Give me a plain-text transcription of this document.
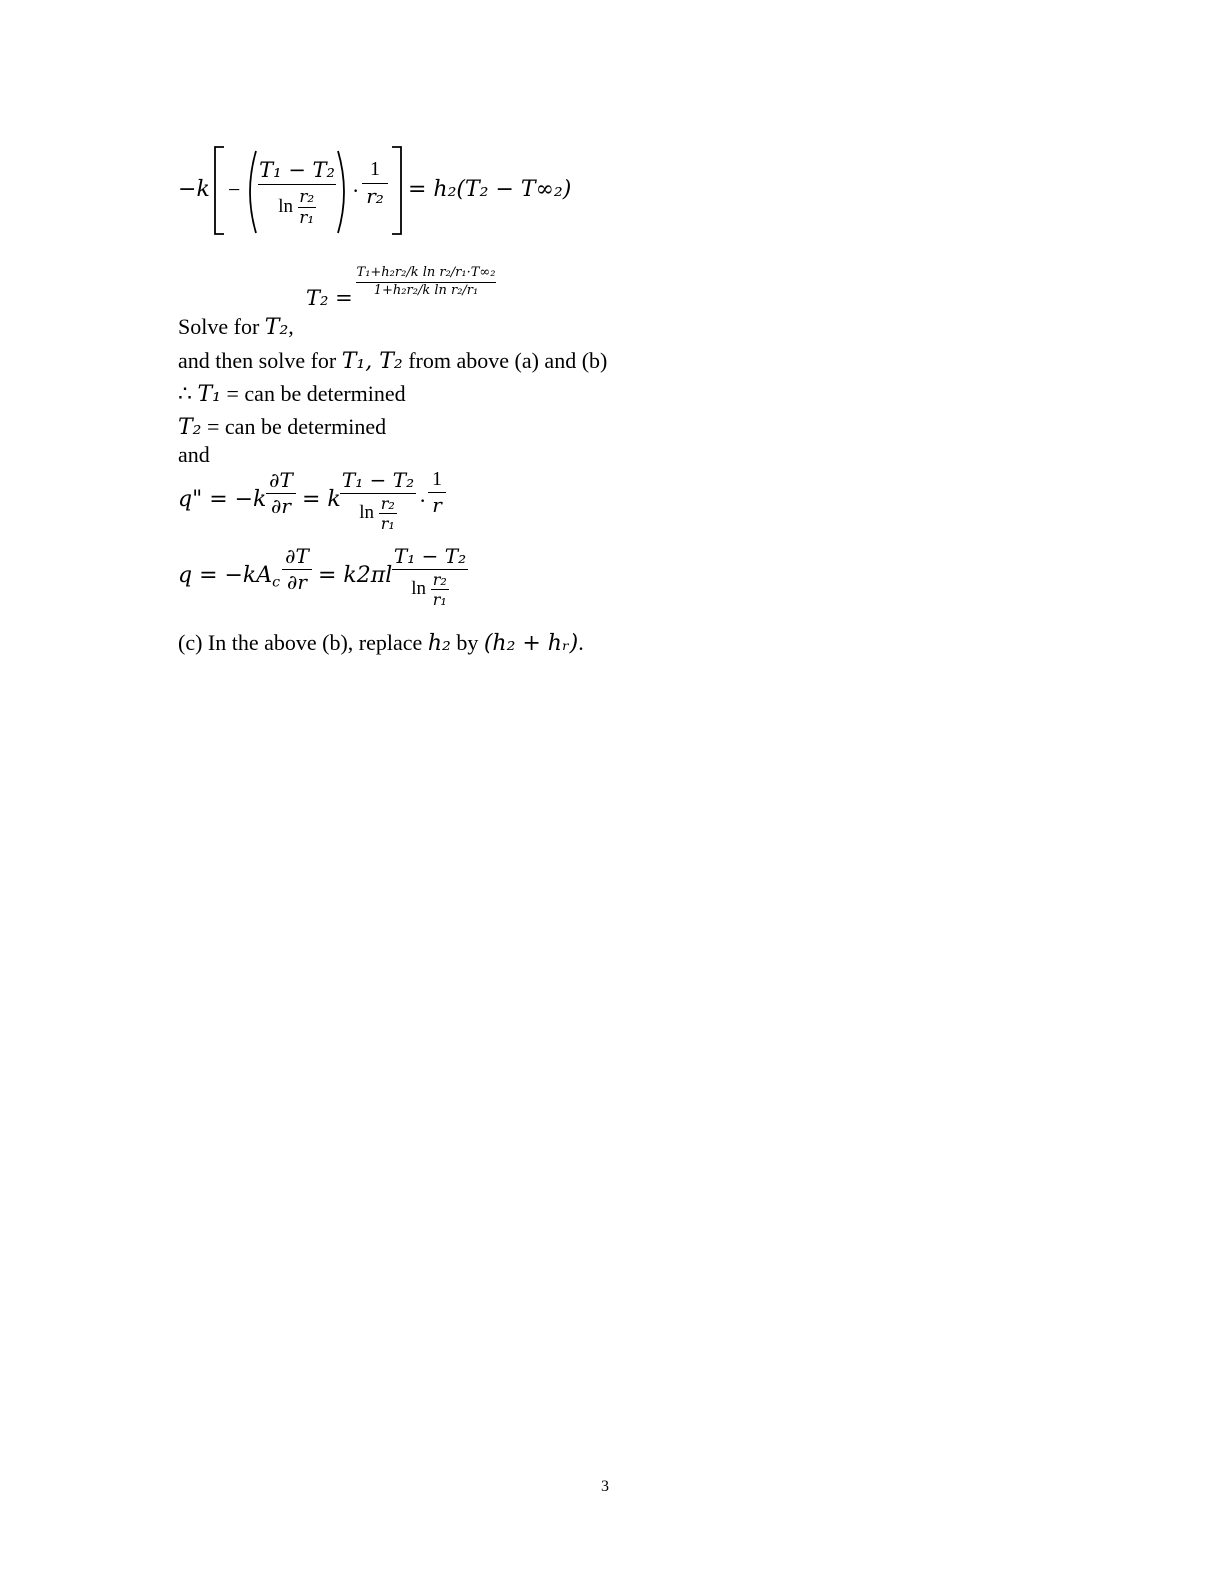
−k −
T₁ − T₂
$\ln \frac{\text{r₂}}{\text{r₁}}$ ·
1
r₂ = h₂(T₂ − T∞₂)
T₂ =
T₁+h₂r₂/k ln r₂/r₁·T∞₂
1+h₂r₂/k ln r₂/r₁
Solve for T₂,
and then solve for T₁, T₂ from above (a) and (b)
∴ T₁ = can be determined
T₂ = can be determined
and
q" = −k
∂T
∂r = k
T₁ − T₂
$\ln \frac{\text{r₂}}{\text{r₁}}$ ·
1
r
$q = -kA_c$
∂T
∂r = k2πl
T₁ − T₂
$\ln \frac{\text{r₂}}{\text{r₁}}$
(c) In the above (b), replace h₂ by (h₂ + hᵣ).
3
